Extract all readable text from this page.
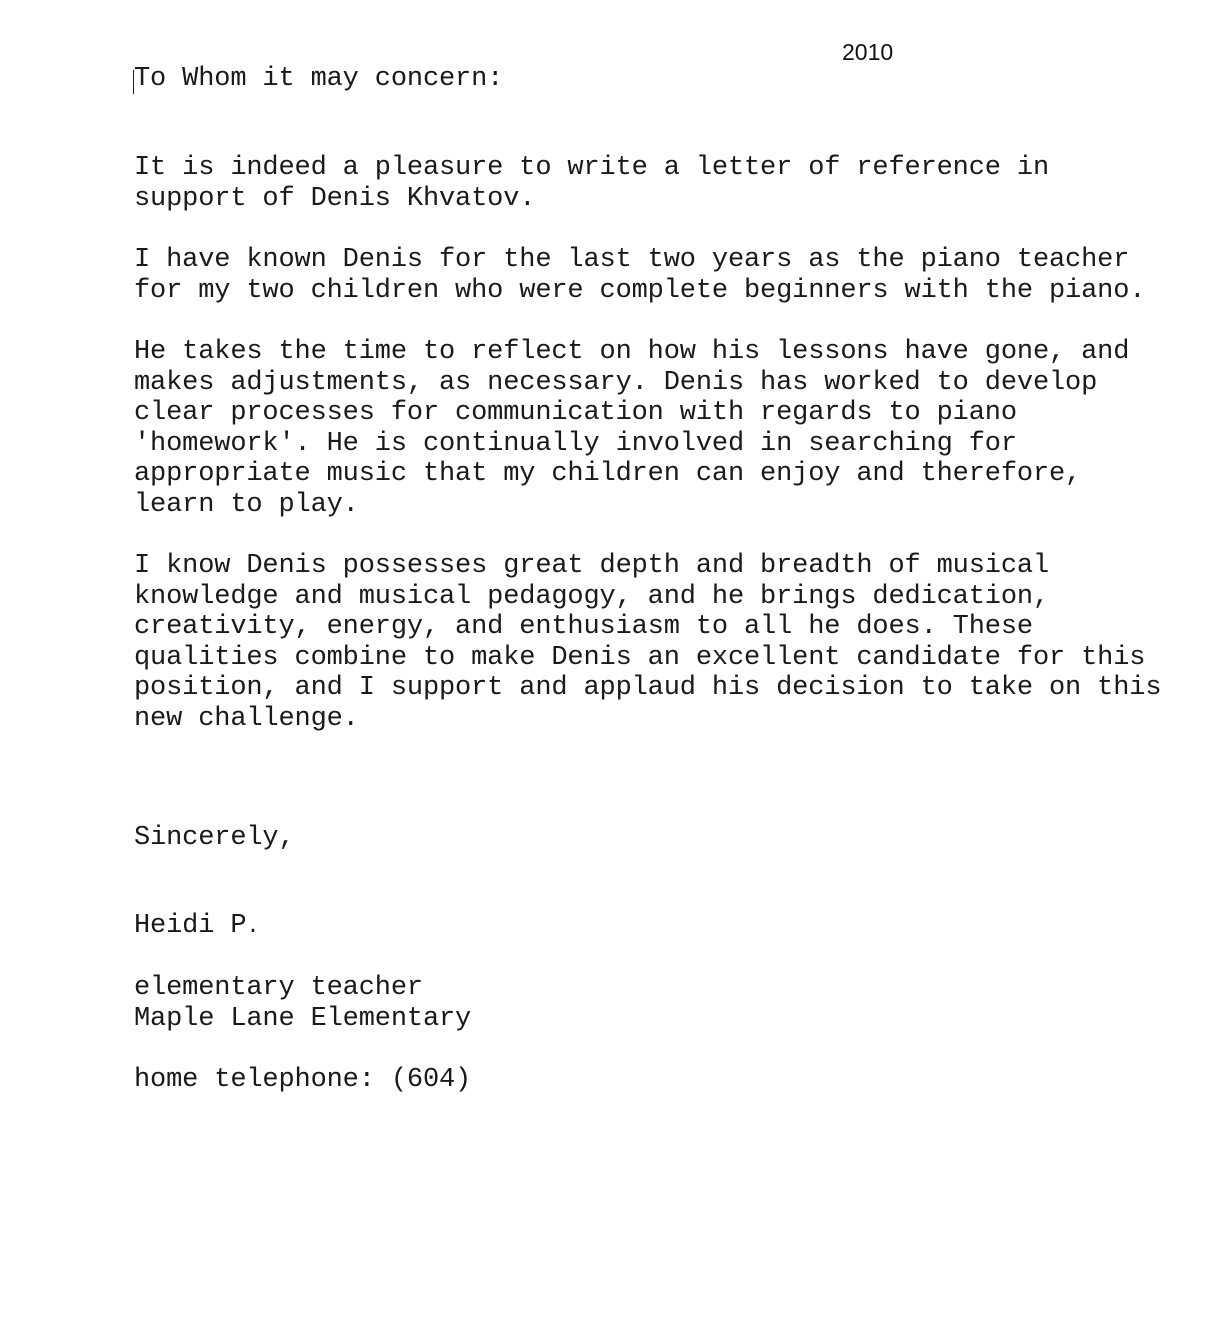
2010
To Whom it may concern:
It is indeed a pleasure to write a letter of reference in
support of Denis Khvatov.
I have known Denis for the last two years as the piano teacher
for my two children who were complete beginners with the piano.
He takes the time to reflect on how his lessons have gone, and
makes adjustments, as necessary. Denis has worked to develop
clear processes for communication with regards to piano
'homework'. He is continually involved in searching for
appropriate music that my children can enjoy and therefore,
learn to play.
I know Denis possesses great depth and breadth of musical
knowledge and musical pedagogy, and he brings dedication,
creativity, energy, and enthusiasm to all he does. These
qualities combine to make Denis an excellent candidate for this
position, and I support and applaud his decision to take on this
new challenge.
Sincerely,
Heidi P.
elementary teacher
Maple Lane Elementary
home telephone: (604)
